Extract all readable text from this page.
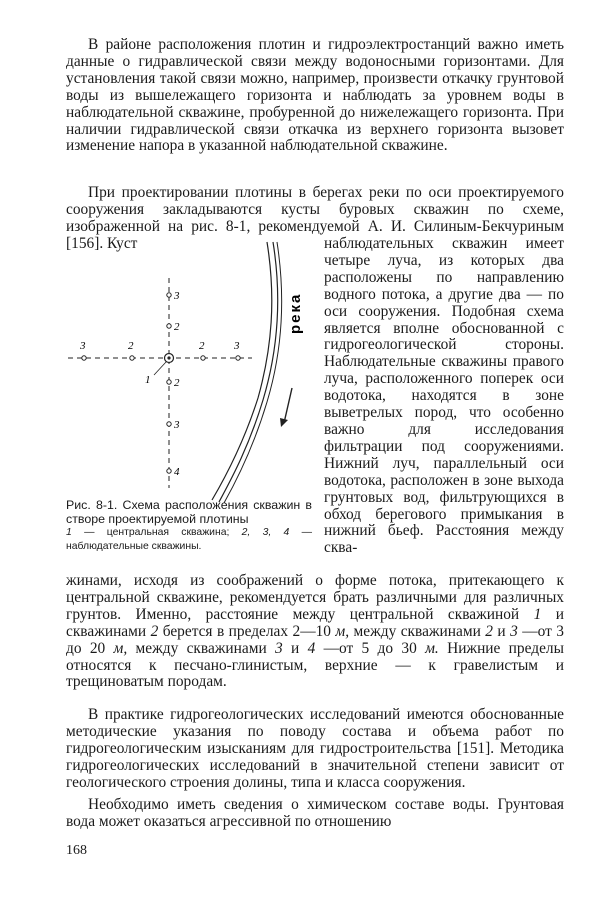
В районе расположения плотин и гидроэлектростанций важно иметь данные о гидравлической связи между водоносными горизонтами. Для установления такой связи можно, например, произвести откачку грунтовой воды из вышележащего горизонта и наблюдать за уровнем воды в наблюдательной скважине, пробуренной до нижележащего горизонта. При наличии гидравлической связи откачка из верхнего горизонта вызовет изменение напора в указанной наблюдательной скважине.

При проектировании плотины в берегах реки по оси проектируемого сооружения закладываются кусты буровых скважин по схеме, изображенной на рис. 8-1, рекомендуемой А. И. Силиным-Бекчуриным [156]. Куст	наблюдательных скважин имеет четыре луча, из которых два расположены по направлению водного потока, а другие два — по оси сооружения. Подобная схема является вполне обоснованной с гидрогеологической стороны. Наблюдательные скважины правого луча, расположенного поперек оси водотока, находятся в зоне выветрелых пород, что особенно важно для исследования фильтрации под сооружениями. Нижний луч, параллельный оси водотока, расположен в зоне выхода грунтовых вод, фильтрующихся в обход берегового примыкания в нижний бьеф. Расстояния между сква-

река
3	2	2	3
3
2
2
3
4
1
Рис. 8-1. Схема расположения скважин в створе проектируемой плотины
1 — центральная скважина; 2, 3, 4 — наблюдательные скважины.

жинами, исходя из соображений о форме потока, притекающего к центральной скважине, рекомендуется брать различными для различных грунтов. Именно, расстояние между центральной скважиной 1 и скважинами 2 берется в пределах 2—10 м, между скважинами 2 и 3 —от 3 до 20 м, между скважинами 3 и 4 —от 5 до 30 м. Нижние пределы относятся к песчано-глинистым, верхние — к гравелистым и трещиноватым породам.

В практике гидрогеологических исследований имеются обоснованные методические указания по поводу состава и объема работ по гидрогеологическим изысканиям для гидростроительства [151]. Методика гидрогеологических исследований в значительной степени зависит от геологического строения долины, типа и класса сооружения.

Необходимо иметь сведения о химическом составе воды. Грунтовая вода может оказаться агрессивной по отношению

168
